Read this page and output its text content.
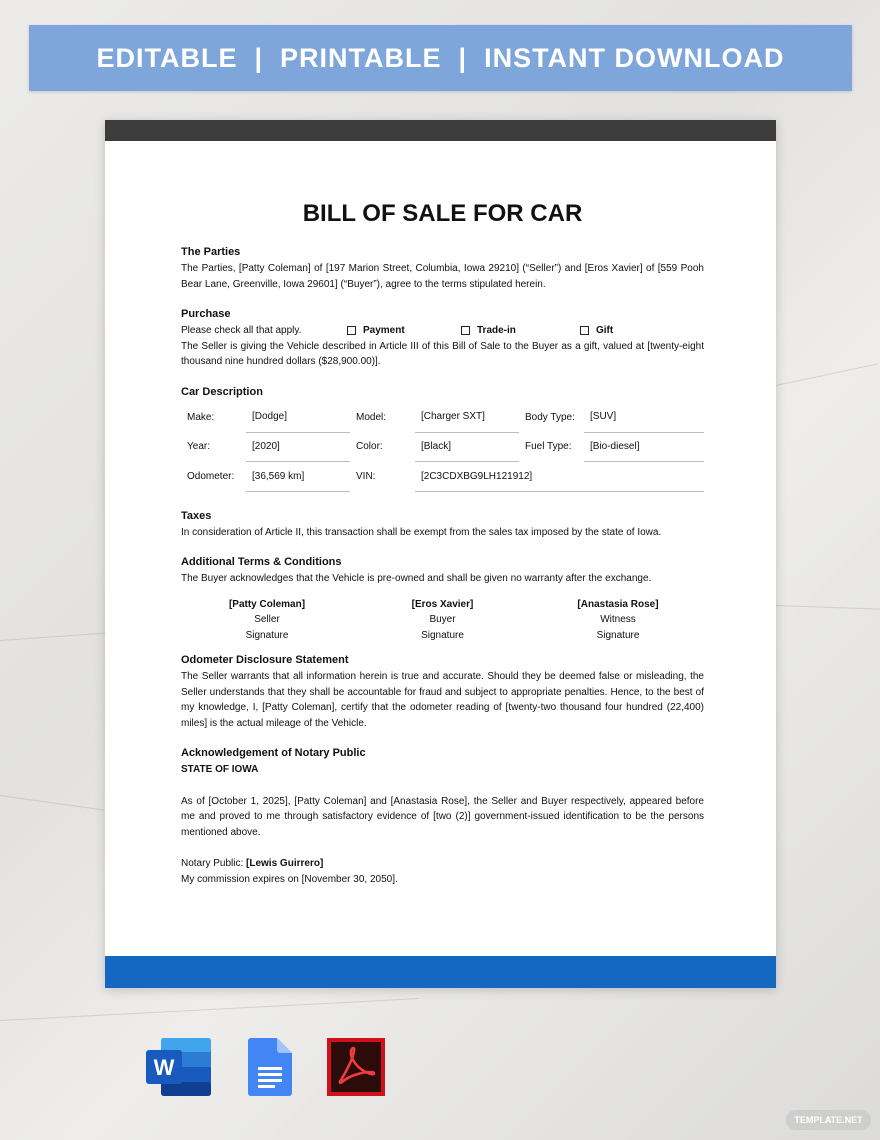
EDITABLE  |  PRINTABLE  |  INSTANT DOWNLOAD
BILL OF SALE FOR CAR
The Parties
The Parties, [Patty Coleman] of [197 Marion Street, Columbia, Iowa 29210] (“Seller”) and [Eros Xavier] of [559 Pooh Bear Lane, Greenville, Iowa 29601] (“Buyer”), agree to the terms stipulated herein.
Purchase
Please check all that apply.	Payment	Trade-in	Gift
The Seller is giving the Vehicle described in Article III of this Bill of Sale to the Buyer as a gift, valued at [twenty-eight thousand nine hundred dollars ($28,900.00)].
Car Description
Make:	[Dodge]	Model:	[Charger SXT]	Body Type:	[SUV]
Year:	[2020]	Color:	[Black]	Fuel Type:	[Bio-diesel]
Odometer:	[36,569 km]	VIN:	[2C3CDXBG9LH121912]		
Taxes
In consideration of Article II, this transaction shall be exempt from the sales tax imposed by the state of Iowa.
Additional Terms & Conditions
The Buyer acknowledges that the Vehicle is pre-owned and shall be given no warranty after the exchange.
[Patty Coleman]
Seller
Signature
[Eros Xavier]
Buyer
Signature
[Anastasia Rose]
Witness
Signature
Odometer Disclosure Statement
The Seller warrants that all information herein is true and accurate. Should they be deemed false or misleading, the Seller understands that they shall be accountable for fraud and subject to appropriate penalties. Hence, to the best of my knowledge, I, [Patty Coleman], certify that the odometer reading of [twenty-two thousand four hundred (22,400) miles] is the actual mileage of the Vehicle.
Acknowledgement of Notary Public
STATE OF IOWA
As of [October 1, 2025], [Patty Coleman] and [Anastasia Rose], the Seller and Buyer respectively, appeared before me and proved to me through satisfactory evidence of [two (2)] government-issued identification to be the persons mentioned above.
Notary Public: [Lewis Guirrero]
My commission expires on [November 30, 2050].
W
TEMPLATE.NET
